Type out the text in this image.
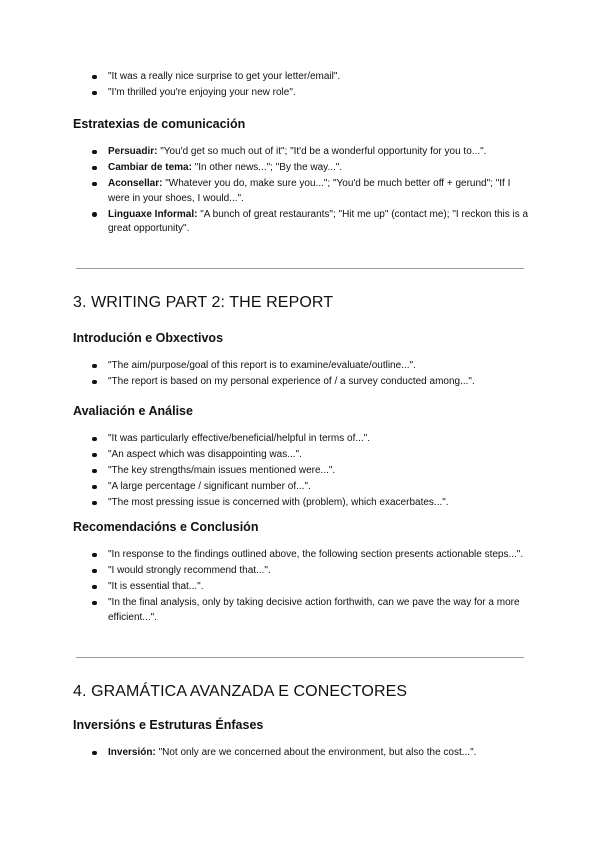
"It was a really nice surprise to get your letter/email".
"I'm thrilled you're enjoying your new role".
Estratexias de comunicación
Persuadir: "You'd get so much out of it"; "It'd be a wonderful opportunity for you to...".
Cambiar de tema: "In other news..."; "By the way...".
Aconsellar: "Whatever you do, make sure you..."; "You'd be much better off + gerund"; "If I were in your shoes, I would...".
Linguaxe Informal: "A bunch of great restaurants"; "Hit me up" (contact me); "I reckon this is a great opportunity".
3. WRITING PART 2: THE REPORT
Introdución e Obxectivos
"The aim/purpose/goal of this report is to examine/evaluate/outline...".
"The report is based on my personal experience of / a survey conducted among...".
Avaliación e Análise
"It was particularly effective/beneficial/helpful in terms of...".
"An aspect which was disappointing was...".
"The key strengths/main issues mentioned were...".
"A large percentage / significant number of...".
"The most pressing issue is concerned with (problem), which exacerbates...".
Recomendacións e Conclusión
"In response to the findings outlined above, the following section presents actionable steps...".
"I would strongly recommend that...".
"It is essential that...".
"In the final analysis, only by taking decisive action forthwith, can we pave the way for a more efficient...".
4. GRAMÁTICA AVANZADA E CONECTORES
Inversións e Estruturas Énfases
Inversión: "Not only are we concerned about the environment, but also the cost...".
